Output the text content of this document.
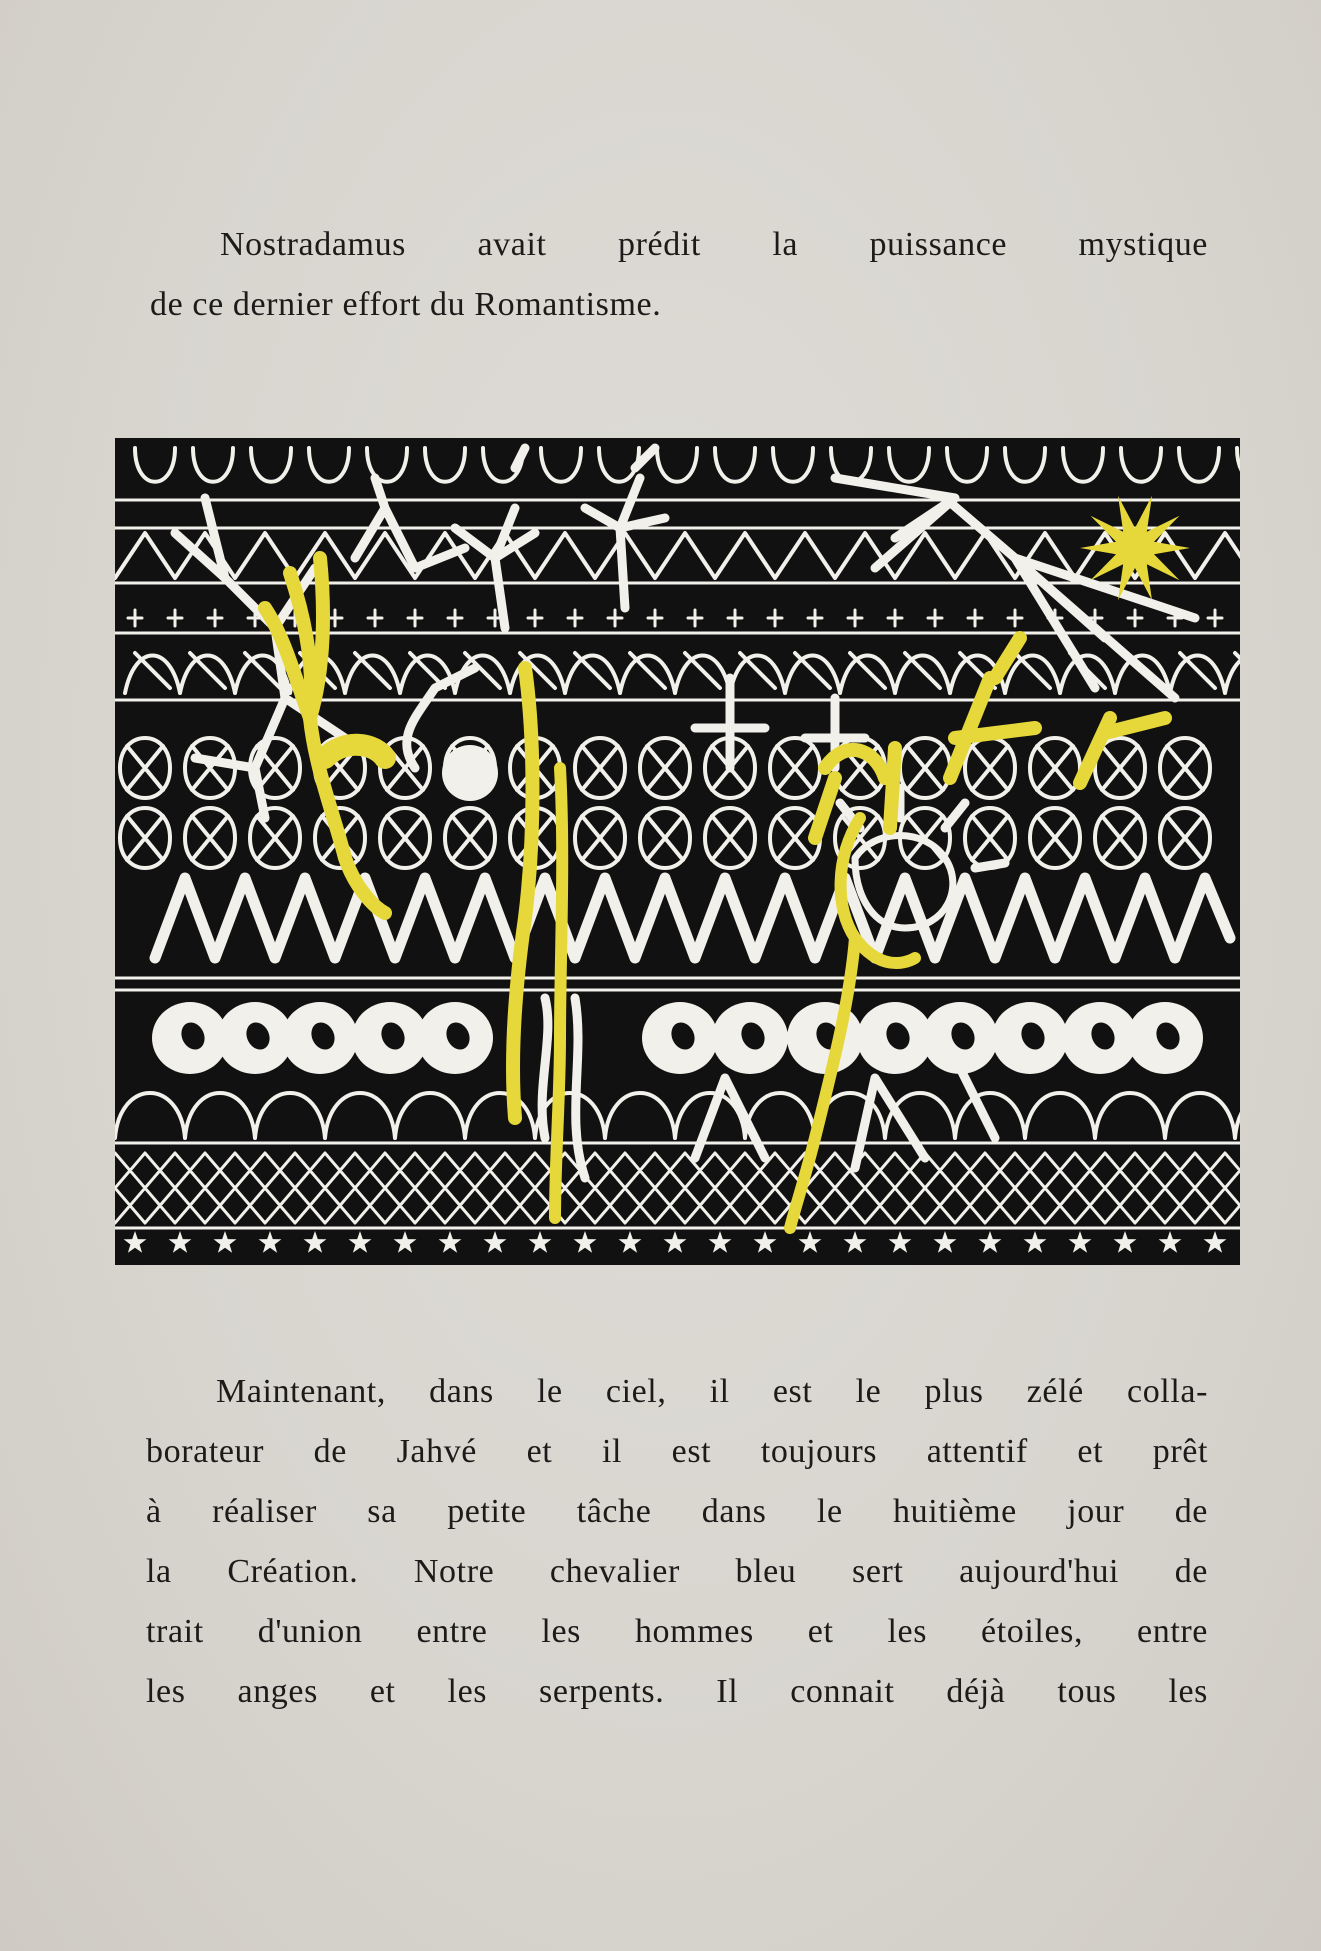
Nostradamus avait prédit la puissance mystique
de ce dernier effort du Romantisme.
Maintenant, dans le ciel, il est le plus zélé colla-
borateur de Jahvé et il est toujours attentif et prêt
à réaliser sa petite tâche dans le huitième jour de
la Création. Notre chevalier bleu sert aujourd'hui de
trait d'union entre les hommes et les étoiles, entre
les anges et les serpents. Il connait déjà tous les
